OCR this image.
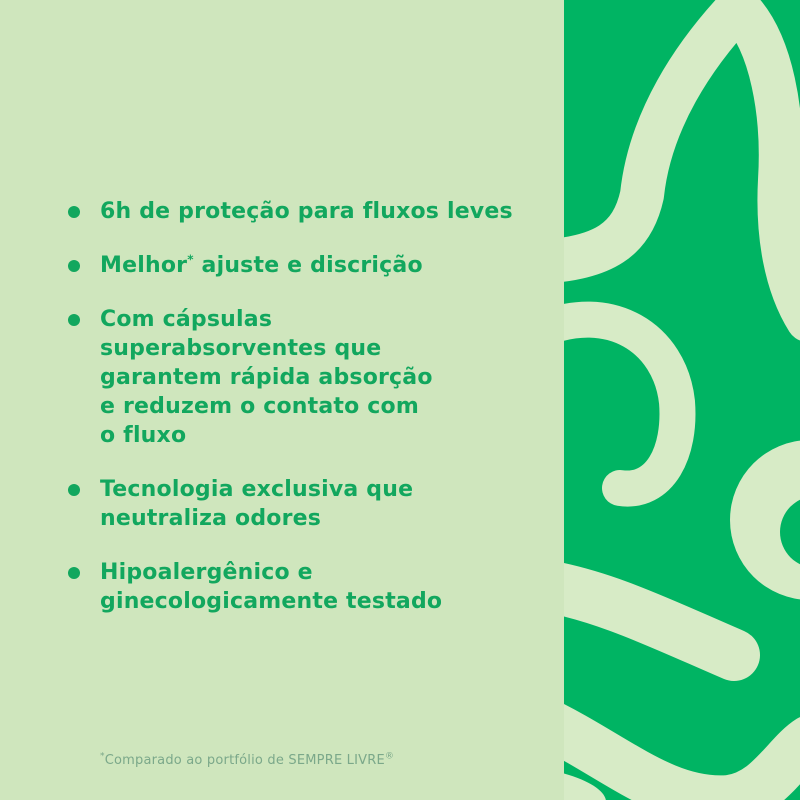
6h de proteção para fluxos leves
Melhor* ajuste e discrição
Com cápsulas
superabsorventes que
garantem rápida absorção
e reduzem o contato com
o fluxo
Tecnologia exclusiva que
neutraliza odores
Hipoalergênico e
ginecologicamente testado
*Comparado ao portfólio de SEMPRE LIVRE®
